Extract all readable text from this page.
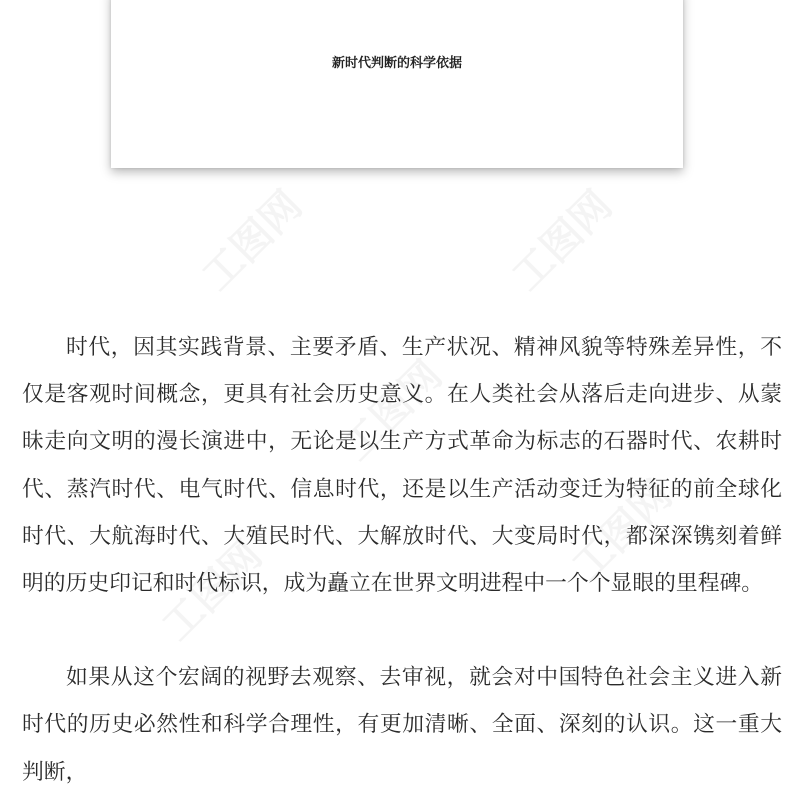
新时代判断的科学依据
工图网	工图网
工图网
工图网
工图网

时代，因其实践背景、主要矛盾、生产状况、精神风貌等特殊差异性，不仅是客观时间概念，更具有社会历史意义。在人类社会从落后走向进步、从蒙昧走向文明的漫长演进中，无论是以生产方式革命为标志的石器时代、农耕时代、蒸汽时代、电气时代、信息时代，还是以生产活动变迁为特征的前全球化时代、大航海时代、大殖民时代、大解放时代、大变局时代，都深深镌刻着鲜明的历史印记和时代标识，成为矗立在世界文明进程中一个个显眼的里程碑。

如果从这个宏阔的视野去观察、去审视，就会对中国特色社会主义进入新时代的历史必然性和科学合理性，有更加清晰、全面、深刻的认识。这一重大判断，
